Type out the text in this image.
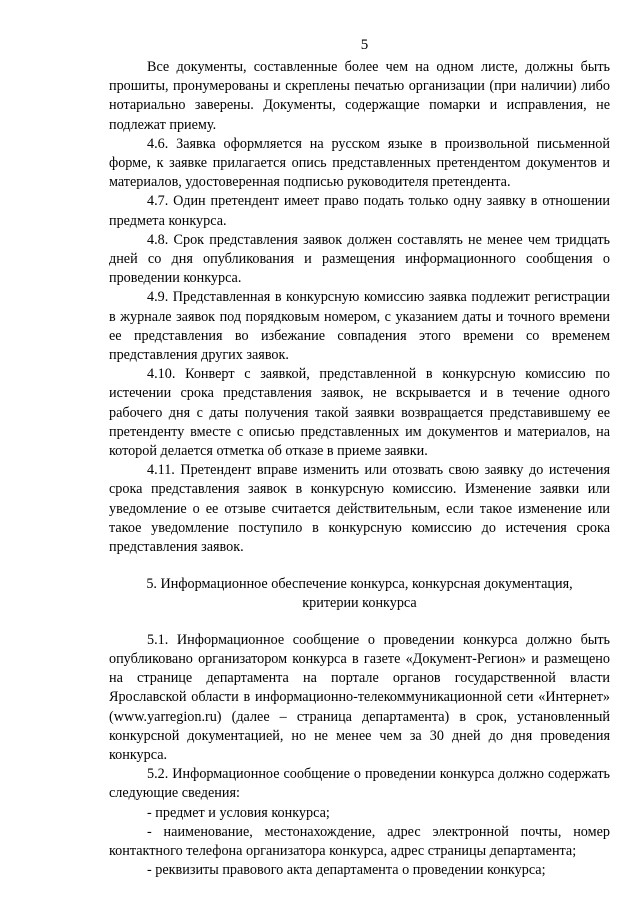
5

Все документы, составленные более чем на одном листе, должны быть прошиты, пронумерованы и скреплены печатью организации (при наличии) либо нотариально заверены. Документы, содержащие помарки и исправления, не подлежат приему.

4.6. Заявка оформляется на русском языке в произвольной письменной форме, к заявке прилагается опись представленных претендентом документов и материалов, удостоверенная подписью руководителя претендента.

4.7. Один претендент имеет право подать только одну заявку в отношении предмета конкурса.

4.8. Срок представления заявок должен составлять не менее чем тридцать дней со дня опубликования и размещения информационного сообщения о проведении конкурса.

4.9. Представленная в конкурсную комиссию заявка подлежит регистрации в журнале заявок под порядковым номером, с указанием даты и точного времени ее представления во избежание совпадения этого времени со временем представления других заявок.

4.10. Конверт с заявкой, представленной в конкурсную комиссию по истечении срока представления заявок, не вскрывается и в течение одного рабочего дня с даты получения такой заявки возвращается представившему ее претенденту вместе с описью представленных им документов и материалов, на которой делается отметка об отказе в приеме заявки.

4.11. Претендент вправе изменить или отозвать свою заявку до истечения срока представления заявок в конкурсную комиссию. Изменение заявки или уведомление о ее отзыве считается действительным, если такое изменение или такое уведомление поступило в конкурсную комиссию до истечения срока представления заявок.

5. Информационное обеспечение конкурса, конкурсная документация,

критерии конкурса

5.1. Информационное сообщение о проведении конкурса должно быть опубликовано организатором конкурса в газете «Документ-Регион» и размещено на странице департамента на портале органов государственной власти Ярославской области в информационно-телекоммуникационной сети «Интернет» (www.yarregion.ru) (далее – страница департамента) в срок, установленный конкурсной документацией, но не менее чем за 30 дней до дня проведения конкурса.

5.2. Информационное сообщение о проведении конкурса должно содержать следующие сведения:

- предмет и условия конкурса;

- наименование, местонахождение, адрес электронной почты, номер контактного телефона организатора конкурса, адрес страницы департамента;

- реквизиты правового акта департамента о проведении конкурса;
